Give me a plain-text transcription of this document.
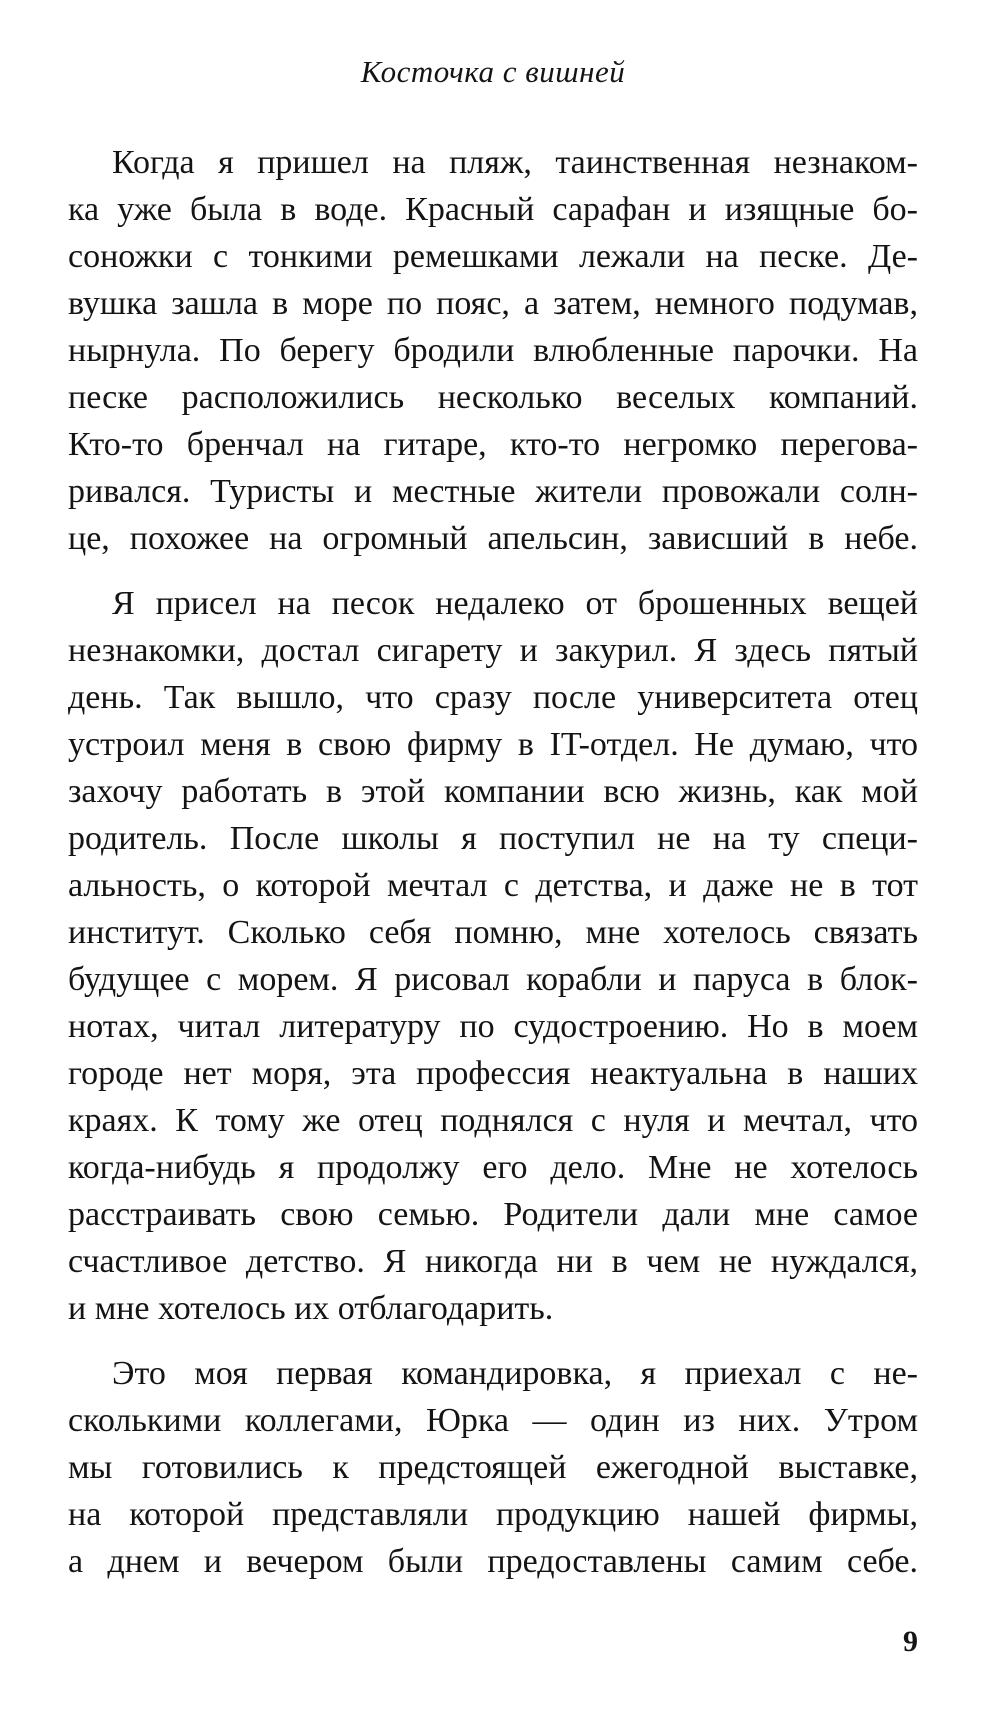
Косточка с вишней
Когда я пришел на пляж, таинственная незнаком-
ка уже была в воде. Красный сарафан и изящные бо-
соножки с тонкими ремешками лежали на песке. Де-
вушка зашла в море по пояс, а затем, немного подумав,
нырнула. По берегу бродили влюбленные парочки. На
песке расположились несколько веселых компаний.
Кто-то бренчал на гитаре, кто-то негромко перегова-
ривался. Туристы и местные жители провожали солн-
це, похожее на огромный апельсин, зависший в небе.
Я присел на песок недалеко от брошенных вещей
незнакомки, достал сигарету и закурил. Я здесь пятый
день. Так вышло, что сразу после университета отец
устроил меня в свою фирму в IT-отдел. Не думаю, что
захочу работать в этой компании всю жизнь, как мой
родитель. После школы я поступил не на ту специ-
альность, о которой мечтал с детства, и даже не в тот
институт. Сколько себя помню, мне хотелось связать
будущее с морем. Я рисовал корабли и паруса в блок-
нотах, читал литературу по судостроению. Но в моем
городе нет моря, эта профессия неактуальна в наших
краях. К тому же отец поднялся с нуля и мечтал, что
когда-нибудь я продолжу его дело. Мне не хотелось
расстраивать свою семью. Родители дали мне самое
счастливое детство. Я никогда ни в чем не нуждался,
и мне хотелось их отблагодарить.
Это моя первая командировка, я приехал с не-
сколькими коллегами, Юрка — один из них. Утром
мы готовились к предстоящей ежегодной выставке,
на которой представляли продукцию нашей фирмы,
а днем и вечером были предоставлены самим себе.
9
